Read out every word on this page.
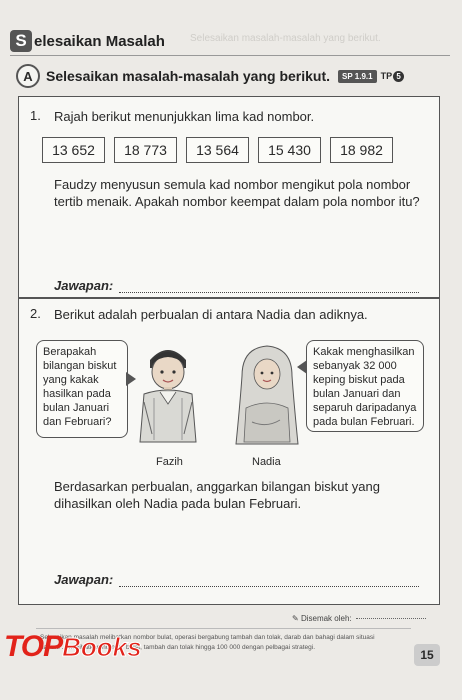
Selesaikan masalah-masalah yang berikut.
S elesaikan Masalah
A Selesaikan masalah-masalah yang berikut.	SP 1.9.1 TP 5
1. Rajah berikut menunjukkan lima kad nombor.
13 652	18 773	13 564	15 430	18 982
Faudzy menyusun semula kad nombor mengikut pola nombor tertib menaik. Apakah nombor keempat dalam pola nombor itu?
Jawapan:
2. Berikut adalah perbualan di antara Nadia dan adiknya.
Berapakah bilangan biskut yang kakak hasilkan pada bulan Januari dan Februari?
Kakak menghasilkan sebanyak 32 000 keping biskut pada bulan Januari dan separuh daripadanya pada bulan Februari.
Fazih	Nadia
Berdasarkan perbualan, anggarkan bilangan biskut yang dihasilkan oleh Nadia pada bulan Februari.
Jawapan:
✎ Disemak oleh:
Selesaikan masalah melibatkan nombor bulat, operasi bergabung tambah dan tolak, darab dan bahagi dalam situasi harian. ... melibatkan nombor bulat, tambah dan tolak hingga 100 000 dengan pelbagai strategi.
15
TOPBooks
